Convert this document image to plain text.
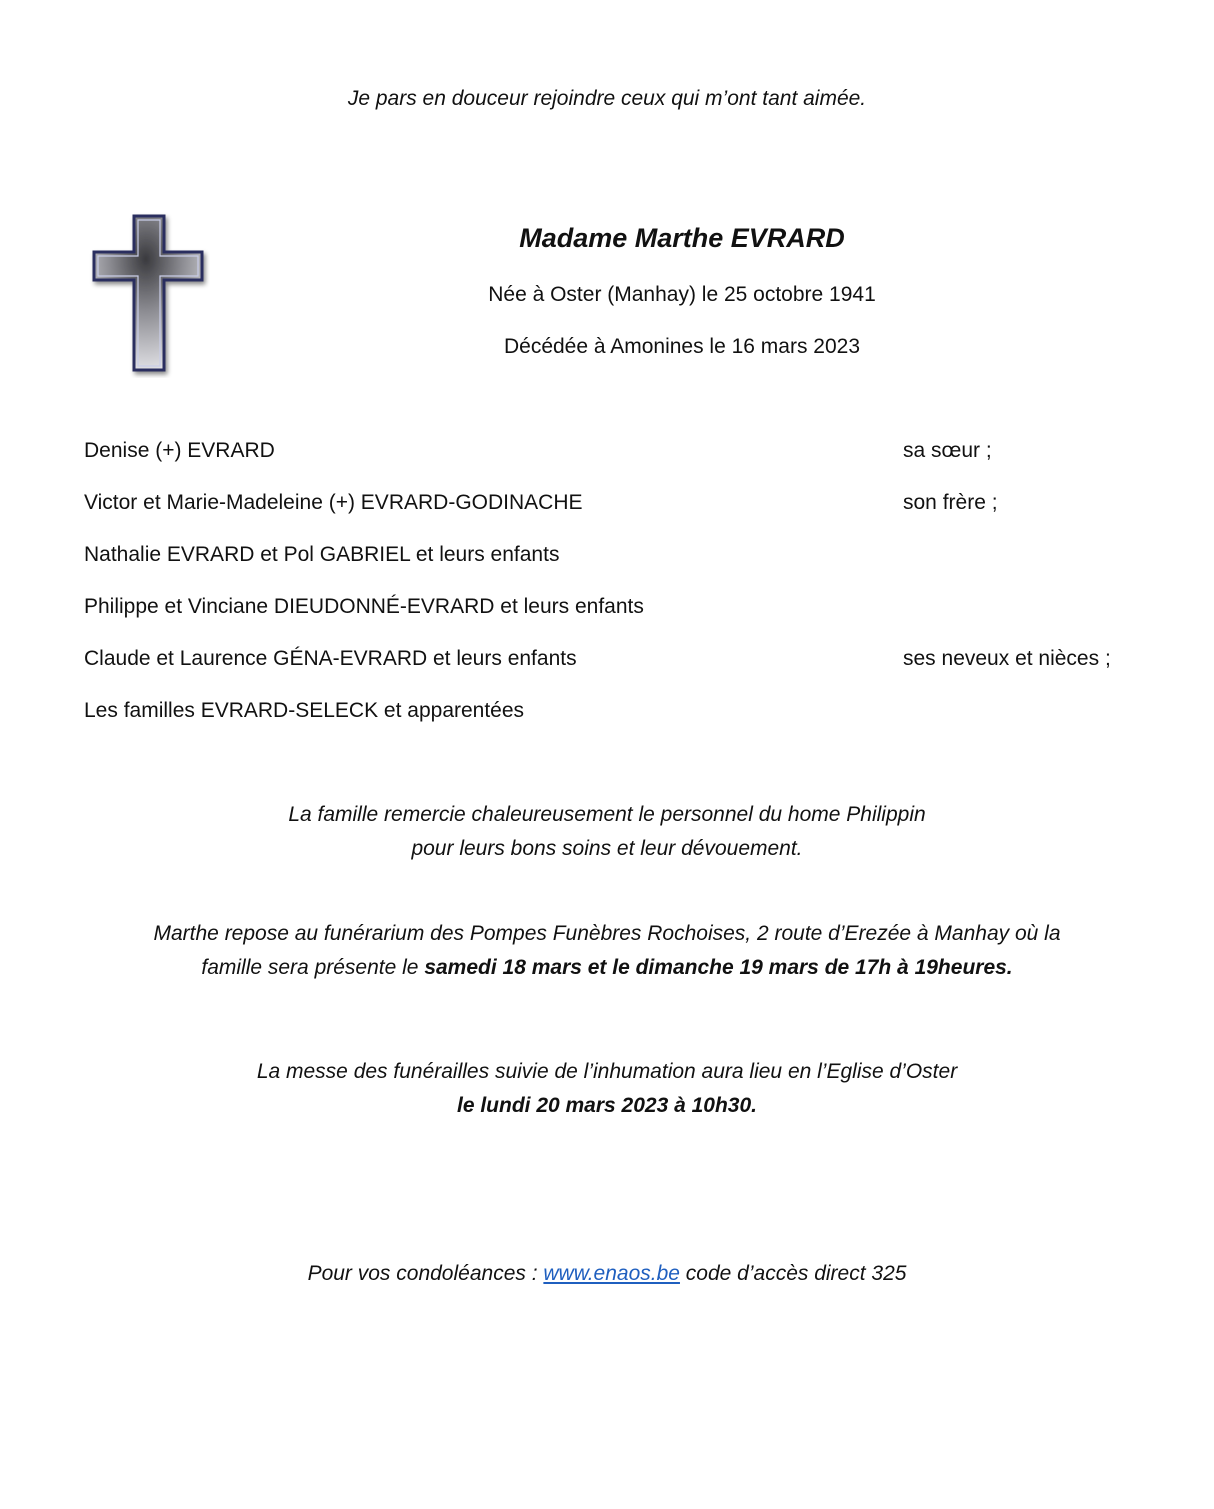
Je pars en douceur rejoindre ceux qui m’ont tant aimée.
Madame Marthe EVRARD
Née à Oster (Manhay) le 25 octobre 1941
Décédée à Amonines le 16 mars 2023
Denise (+) EVRARD	sa sœur ;
Victor et Marie-Madeleine (+) EVRARD-GODINACHE	son frère ;
Nathalie EVRARD et Pol GABRIEL et leurs enfants
Philippe et Vinciane DIEUDONNÉ-EVRARD et leurs enfants
Claude et Laurence GÉNA-EVRARD et leurs enfants	ses neveux et nièces ;
Les familles EVRARD-SELECK et apparentées
La famille remercie chaleureusement le personnel du home Philippin
pour leurs bons soins et leur dévouement.
Marthe repose au funérarium des Pompes Funèbres Rochoises, 2 route d’Erezée à Manhay où la
famille sera présente le samedi 18 mars et le dimanche 19 mars de 17h à 19heures.
La messe des funérailles suivie de l’inhumation aura lieu en l’Eglise d’Oster
le lundi 20 mars 2023 à 10h30.
Pour vos condoléances : www.enaos.be code d’accès direct 325
